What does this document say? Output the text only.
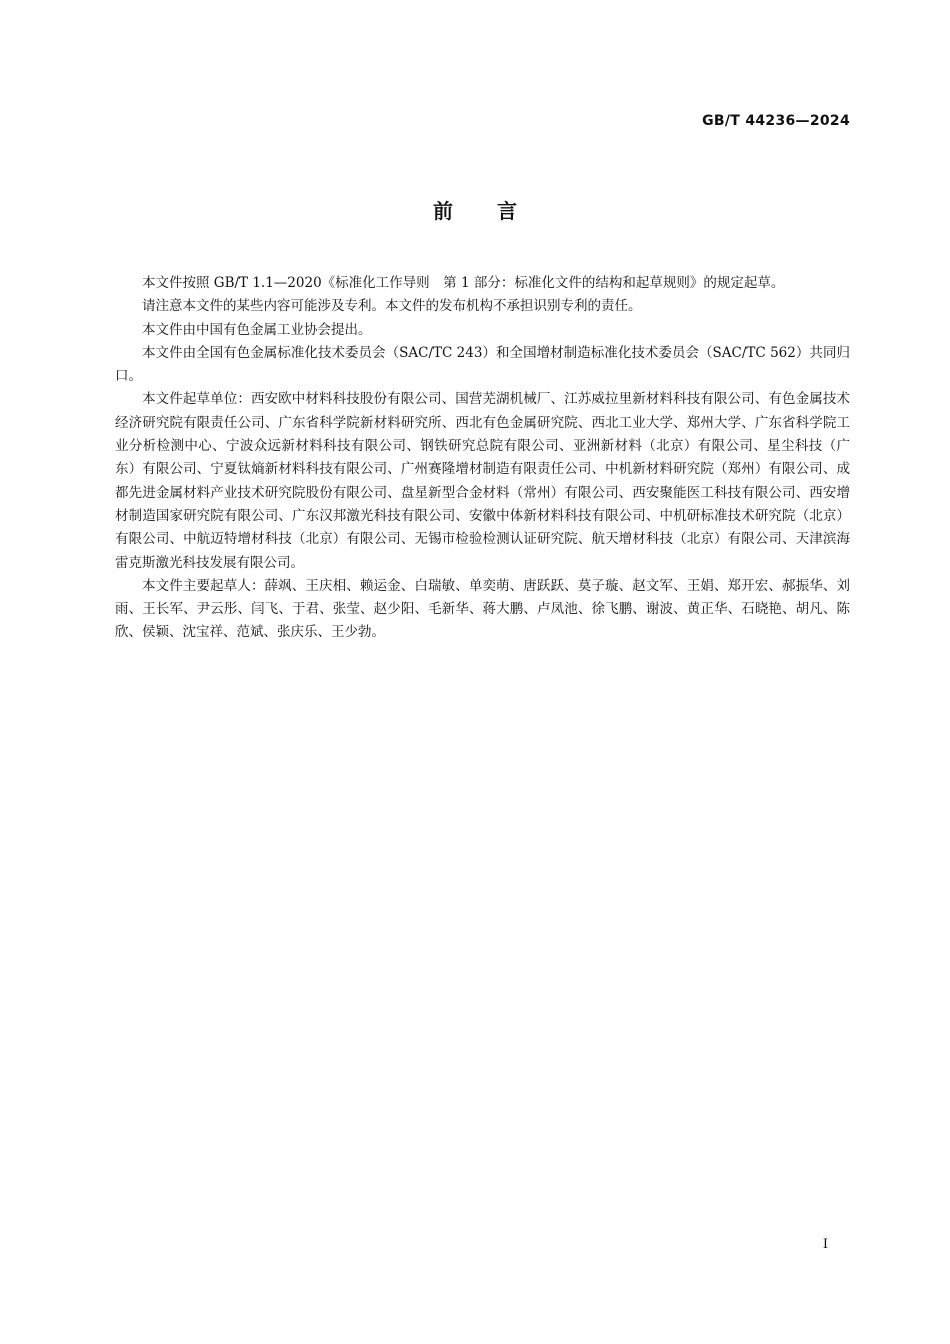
GB/T 44236—2024
前言

本文件按照 GB/T 1.1—2020《标准化工作导则　第 1 部分：标准化文件的结构和起草规则》的规定起草。

请注意本文件的某些内容可能涉及专利。本文件的发布机构不承担识别专利的责任。

本文件由中国有色金属工业协会提出。

本文件由全国有色金属标准化技术委员会（SAC/TC 243）和全国增材制造标准化技术委员会（SAC/TC 562）共同归口。

本文件起草单位：西安欧中材料科技股份有限公司、国营芜湖机械厂、江苏威拉里新材料科技有限公司、有色金属技术经济研究院有限责任公司、广东省科学院新材料研究所、西北有色金属研究院、西北工业大学、郑州大学、广东省科学院工业分析检测中心、宁波众远新材料科技有限公司、钢铁研究总院有限公司、亚洲新材料（北京）有限公司、星尘科技（广东）有限公司、宁夏钛熵新材料科技有限公司、广州赛隆增材制造有限责任公司、中机新材料研究院（郑州）有限公司、成都先进金属材料产业技术研究院股份有限公司、盘星新型合金材料（常州）有限公司、西安聚能医工科技有限公司、西安增材制造国家研究院有限公司、广东汉邦激光科技有限公司、安徽中体新材料科技有限公司、中机研标准技术研究院（北京）有限公司、中航迈特增材科技（北京）有限公司、无锡市检验检测认证研究院、航天增材科技（北京）有限公司、天津滨海雷克斯激光科技发展有限公司。

本文件主要起草人：薛飒、王庆相、赖运金、白瑞敏、单奕萌、唐跃跃、莫子璇、赵文军、王娟、郑开宏、郝振华、刘雨、王长军、尹云彤、闫飞、于君、张莹、赵少阳、毛新华、蒋大鹏、卢凤池、徐飞鹏、谢波、黄正华、石晓艳、胡凡、陈欣、侯颖、沈宝祥、范斌、张庆乐、王少勃。

I
